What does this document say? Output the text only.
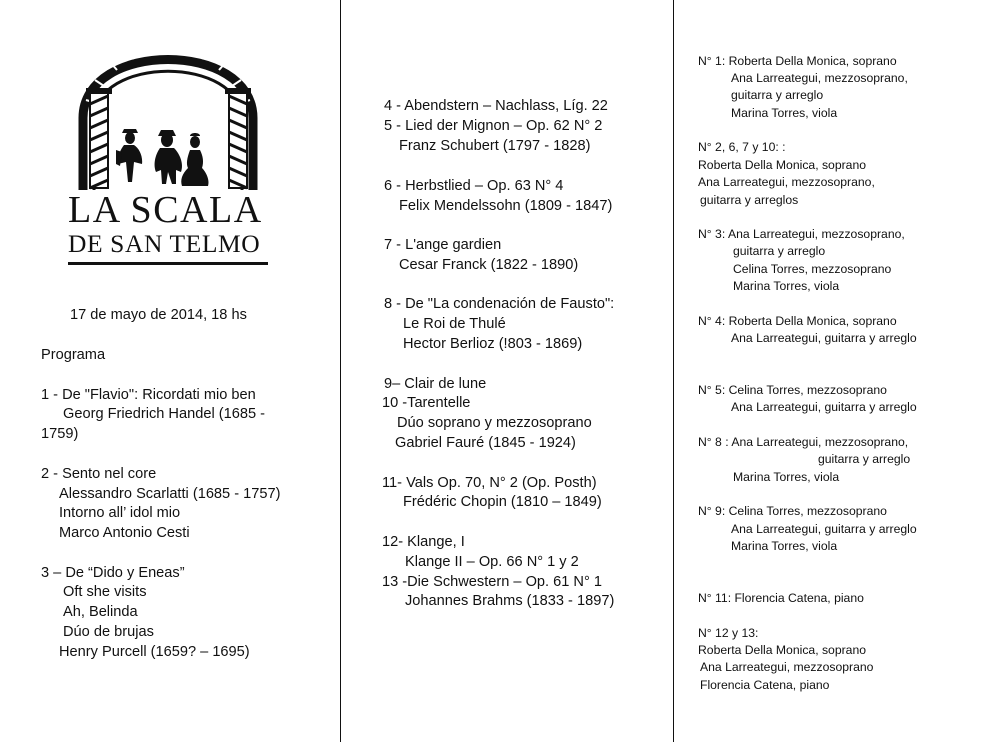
LA SCALA
DE SAN TELMO
17 de mayo de 2014, 18 hs
Programa
1 - De "Flavio": Ricordati mio ben
Georg Friedrich Handel (1685 -
1759)
2 - Sento nel core
Alessandro Scarlatti (1685 - 1757)
Intorno all’ idol mio
Marco Antonio Cesti
3 – De “Dido y Eneas”
Oft she visits
Ah, Belinda
Dúo de brujas
Henry Purcell (1659? – 1695)
4 - Abendstern – Nachlass, Líg. 22
5 - Lied der Mignon – Op. 62 N° 2
Franz Schubert (1797 - 1828)
6 - Herbstlied – Op. 63 N° 4
Felix Mendelssohn (1809 - 1847)
7 - L'ange gardien
Cesar Franck (1822 - 1890)
8 - De "La condenación de Fausto":
Le Roi de Thulé
Hector Berlioz (!803 - 1869)
9– Clair de lune
10 -Tarentelle
Dúo soprano y mezzosoprano
Gabriel Fauré (1845 - 1924)
11- Vals Op. 70, N° 2 (Op. Posth)
Frédéric Chopin (1810 – 1849)
12- Klange, I
Klange II – Op. 66 N° 1 y 2
13 -Die Schwestern – Op. 61 N° 1
Johannes Brahms (1833 - 1897)
N° 1: Roberta Della Monica, soprano
Ana Larreategui, mezzosoprano,
guitarra y arreglo
Marina Torres, viola
N° 2, 6, 7 y 10: :
Roberta Della Monica, soprano
Ana Larreategui, mezzosoprano,
guitarra y arreglos
N° 3: Ana Larreategui, mezzosoprano,
guitarra y arreglo
Celina Torres, mezzosoprano
Marina Torres, viola
N° 4: Roberta Della Monica, soprano
Ana Larreategui, guitarra y arreglo
N° 5: Celina Torres, mezzosoprano
Ana Larreategui, guitarra y arreglo
N° 8 : Ana Larreategui, mezzosoprano,
guitarra y arreglo
Marina Torres, viola
N° 9: Celina Torres, mezzosoprano
Ana Larreategui, guitarra y arreglo
Marina Torres, viola
N° 11: Florencia Catena, piano
N° 12 y 13:
Roberta Della Monica, soprano
Ana Larreategui, mezzosoprano
Florencia Catena, piano
